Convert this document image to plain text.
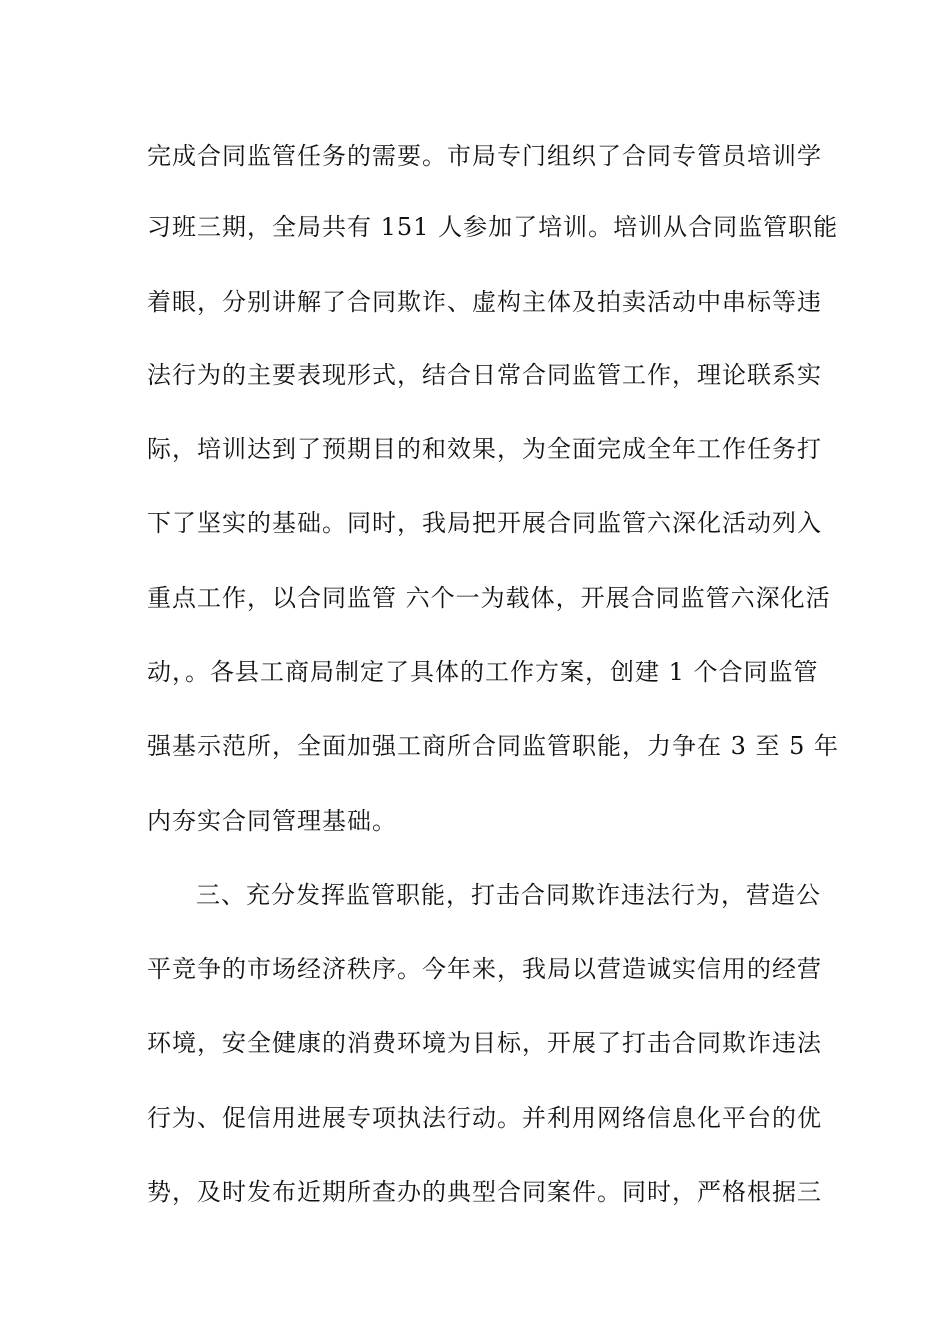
完成合同监管任务的需要。市局专门组织了合同专管员培训学
习班三期，全局共有 151 人参加了培训。培训从合同监管职能
着眼，分别讲解了合同欺诈、虚构主体及拍卖活动中串标等违
法行为的主要表现形式，结合日常合同监管工作，理论联系实
际，培训达到了预期目的和效果，为全面完成全年工作任务打
下了坚实的基础。同时，我局把开展合同监管六深化活动列入
重点工作，以合同监管 六个一为载体，开展合同监管六深化活
动，。各县工商局制定了具体的工作方案，创建 1 个合同监管
强基示范所，全面加强工商所合同监管职能，力争在 3 至 5 年
内夯实合同管理基础。
三、充分发挥监管职能，打击合同欺诈违法行为，营造公
平竞争的市场经济秩序。今年来，我局以营造诚实信用的经营
环境，安全健康的消费环境为目标，开展了打击合同欺诈违法
行为、促信用进展专项执法行动。并利用网络信息化平台的优
势，及时发布近期所查办的典型合同案件。同时，严格根据三
